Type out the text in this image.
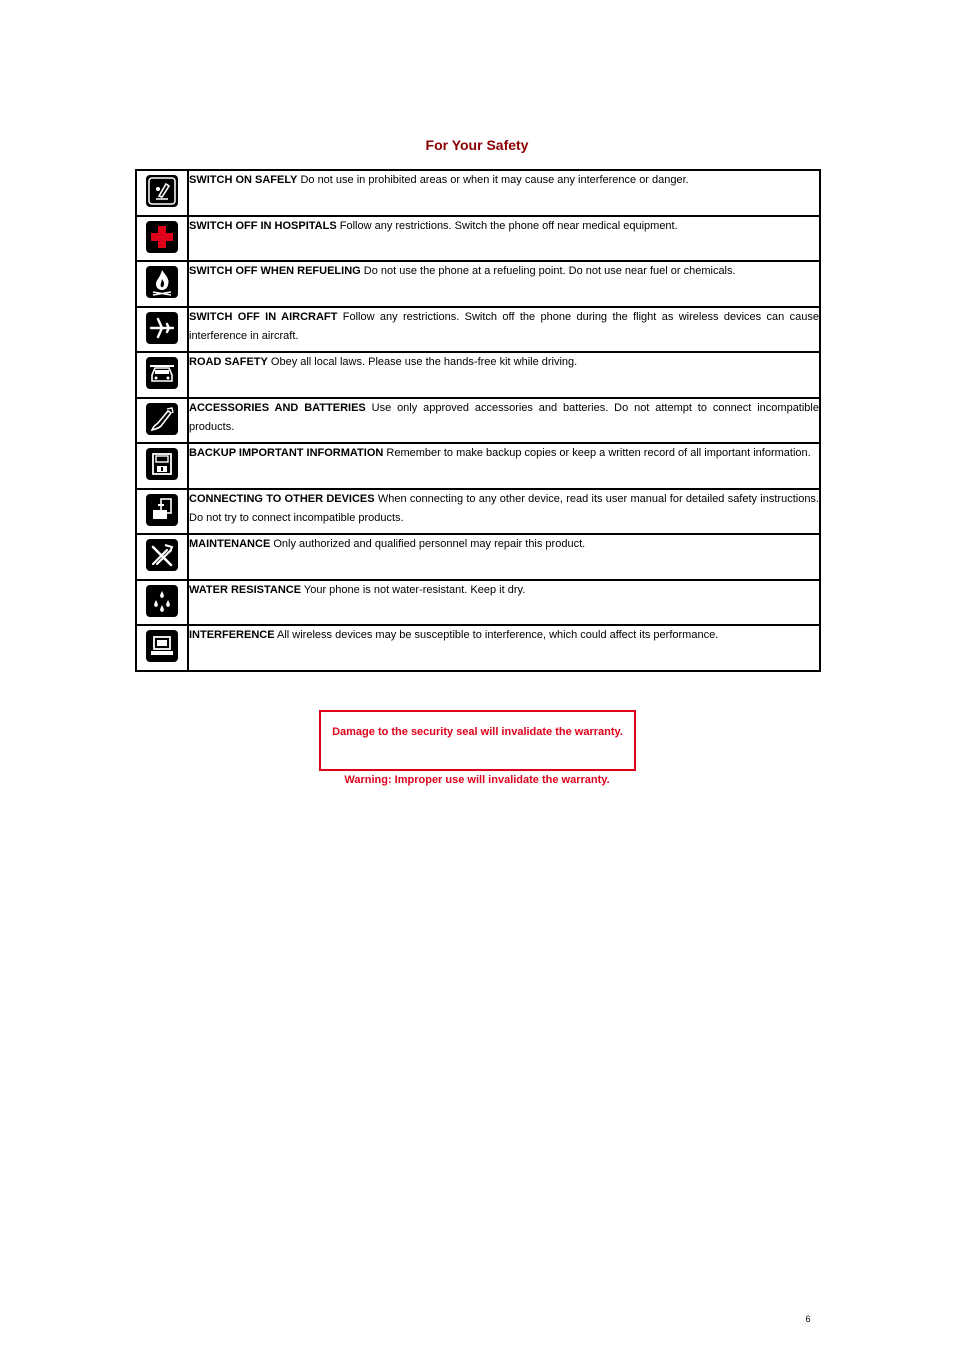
For Your Safety
	SWITCH ON SAFELY Do not use in prohibited areas or when it may cause any interference or danger.

	SWITCH OFF IN HOSPITALS Follow any restrictions. Switch the phone off near medical equipment.

	SWITCH OFF WHEN REFUELING Do not use the phone at a refueling point. Do not use near fuel or chemicals.

	SWITCH OFF IN AIRCRAFT Follow any restrictions. Switch off the phone during the flight as wireless devices can cause interference in aircraft.

	ROAD SAFETY Obey all local laws. Please use the hands-free kit while driving.

	ACCESSORIES AND BATTERIES Use only approved accessories and batteries. Do not attempt to connect incompatible products.

	BACKUP IMPORTANT INFORMATION Remember to make backup copies or keep a written record of all important information.

	CONNECTING TO OTHER DEVICES When connecting to any other device, read its user manual for detailed safety instructions. Do not try to connect incompatible products.

	MAINTENANCE Only authorized and qualified personnel may repair this product.

	WATER RESISTANCE Your phone is not water-resistant. Keep it dry.

	INTERFERENCE All wireless devices may be susceptible to interference, which could affect its performance.
Damage to the security seal will invalidate the warranty.
Warning: Improper use will invalidate the warranty.
6
